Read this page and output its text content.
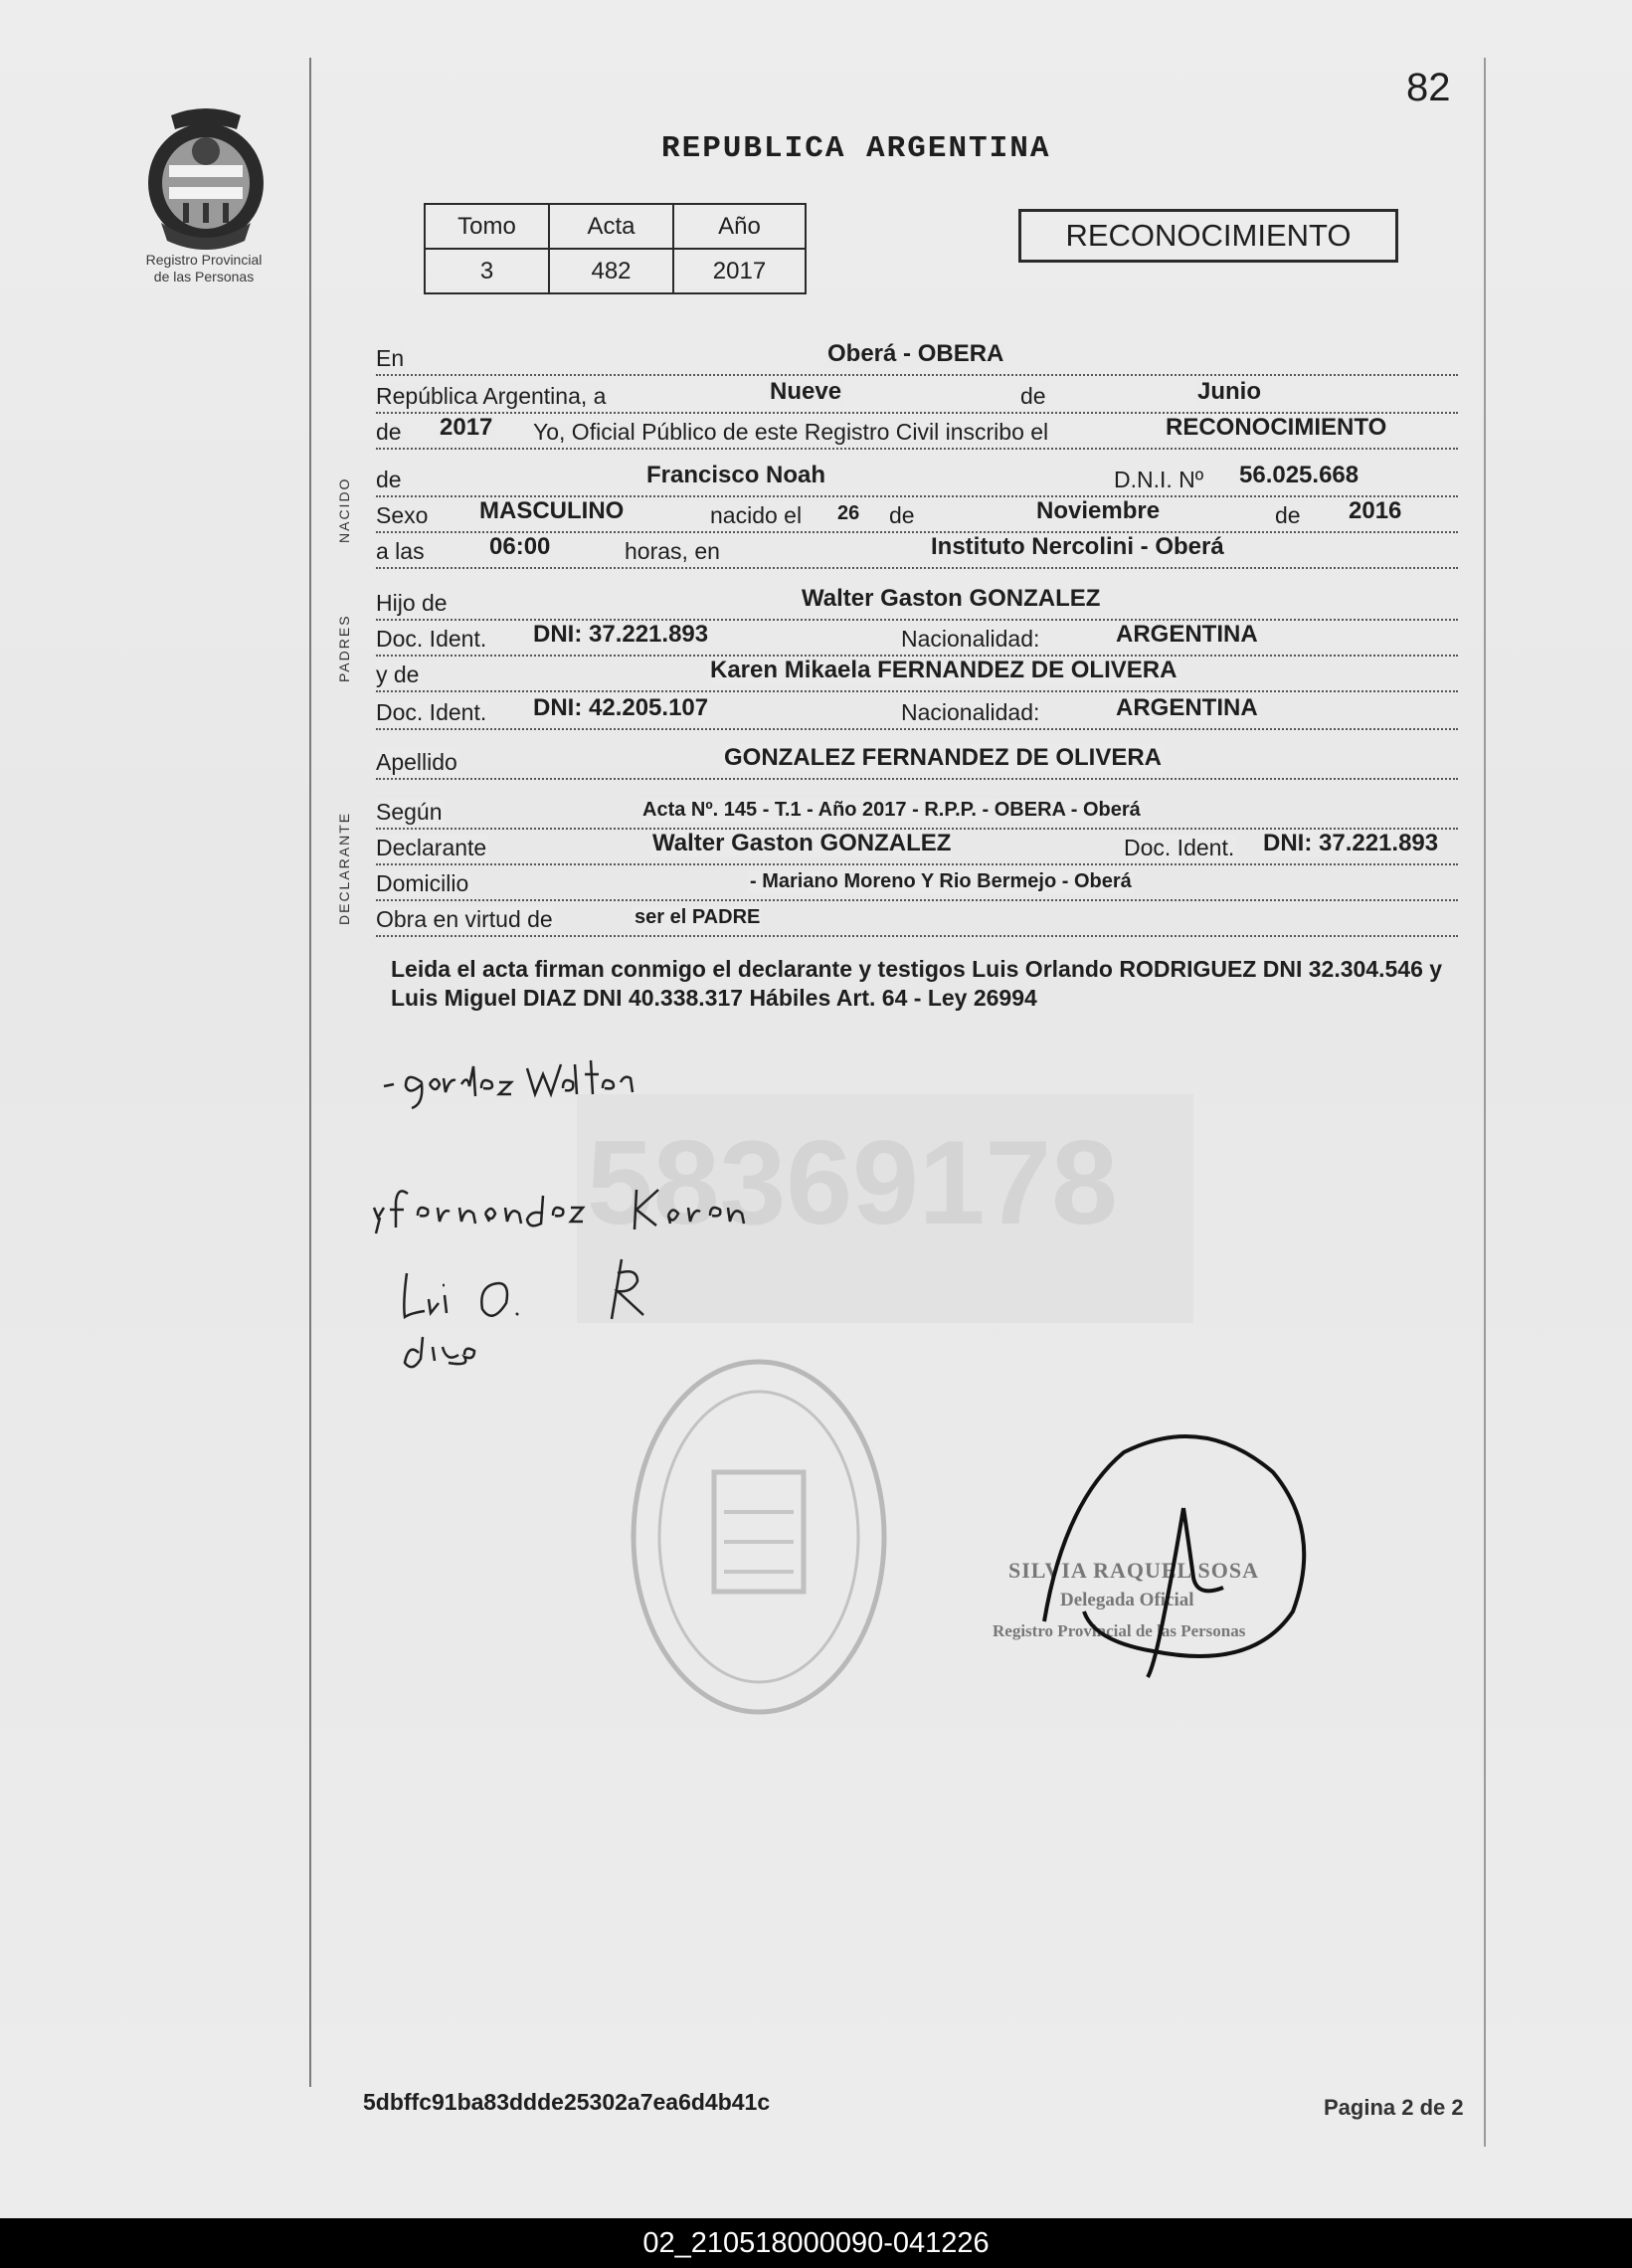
82
Registro Provincial
de las Personas
REPUBLICA ARGENTINA
Tomo	Acta	Año
3	482	2017
RECONOCIMIENTO
NACIDO
PADRES
DECLARANTE
En	Oberá - OBERA
República Argentina, a	Nueve	de	Junio
de 2017 Yo, Oficial Público de este Registro Civil inscribo el	RECONOCIMIENTO
de	Francisco Noah	D.N.I. Nº 56.025.668
Sexo MASCULINO	nacido el 26 de	Noviembre	de 2016
a las	06:00	horas, en	Instituto Nercolini - Oberá
Hijo de	Walter Gaston GONZALEZ
Doc. Ident. DNI: 37.221.893	Nacionalidad:	ARGENTINA
y de	Karen Mikaela FERNANDEZ DE OLIVERA
Doc. Ident. DNI: 42.205.107	Nacionalidad:	ARGENTINA
Apellido	GONZALEZ FERNANDEZ DE OLIVERA
Según	Acta Nº. 145 - T.1 - Año 2017 - R.P.P. - OBERA - Oberá
Declarante	Walter Gaston GONZALEZ	Doc. Ident. DNI: 37.221.893
Domicilio	- Mariano Moreno Y Rio Bermejo - Oberá
Obra en virtud de	ser el PADRE
Leida el acta firman conmigo el declarante y testigos Luis Orlando RODRIGUEZ DNI 32.304.546 y Luis Miguel DIAZ DNI 40.338.317 Hábiles Art. 64 - Ley 26994
58369178
SILVIA RAQUEL SOSA
Delegada Oficial
Registro Provincial de las Personas
5dbffc91ba83ddde25302a7ea6d4b41c	Pagina 2 de 2
02_210518000090-041226
